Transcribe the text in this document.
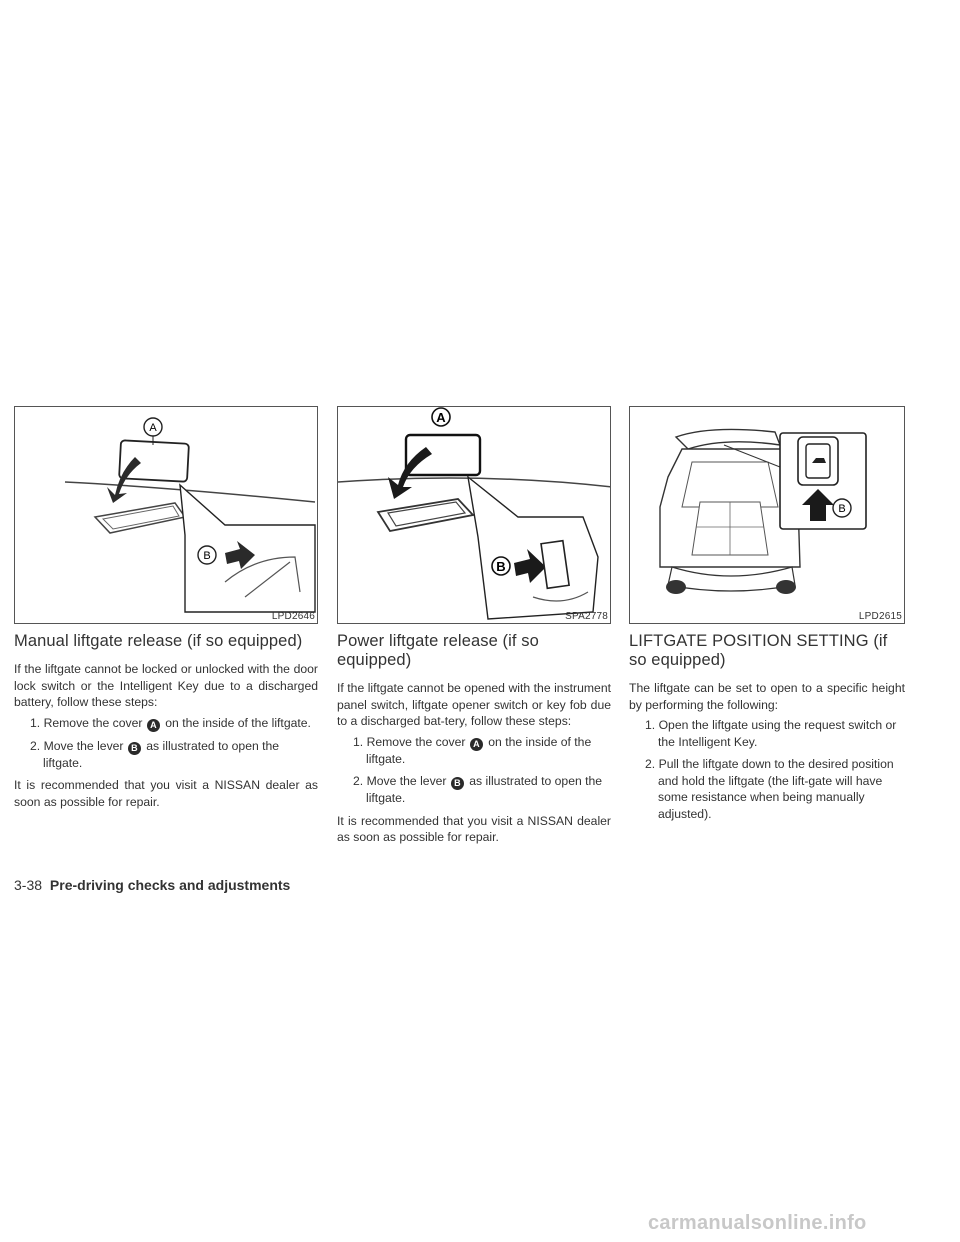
A
B
LPD2646
Manual liftgate release (if so equipped)

If the liftgate cannot be locked or unlocked with the door lock switch or the Intelligent Key due to a discharged battery, follow these steps:

1. Remove the cover A on the inside of the liftgate.
2. Move the lever B as illustrated to open the liftgate.

It is recommended that you visit a NISSAN dealer as soon as possible for repair.

A
B
SPA2778
Power liftgate release (if so equipped)

If the liftgate cannot be opened with the instrument panel switch, liftgate opener switch or key fob due to a discharged bat-tery, follow these steps:

1. Remove the cover A on the inside of the liftgate.
2. Move the lever B as illustrated to open the liftgate.

It is recommended that you visit a NISSAN dealer as soon as possible for repair.

B
LPD2615
LIFTGATE POSITION SETTING (if so equipped)

The liftgate can be set to open to a specific height by performing the following:

1. Open the liftgate using the request switch or the Intelligent Key.
2. Pull the liftgate down to the desired position and hold the liftgate (the lift-gate will have some resistance when being manually adjusted).
3-38 Pre-driving checks and adjustments
carmanualsonline.info
